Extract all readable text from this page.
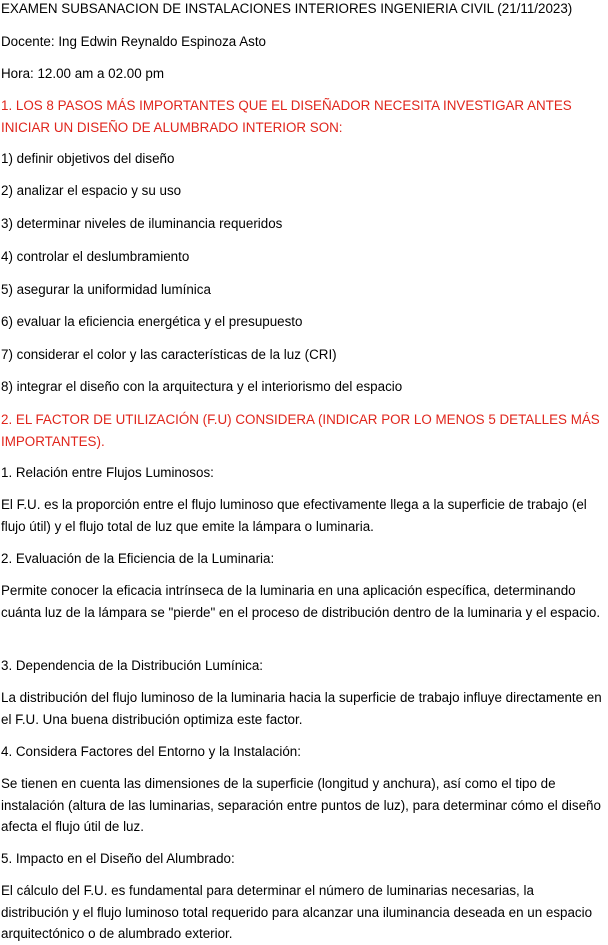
EXAMEN SUBSANACION DE INSTALACIONES INTERIORES INGENIERIA CIVIL (21/11/2023)
Docente: Ing Edwin Reynaldo Espinoza Asto
Hora: 12.00 am a 02.00 pm
1. LOS 8 PASOS MÁS IMPORTANTES QUE EL DISEÑADOR NECESITA INVESTIGAR ANTES INICIAR UN DISEÑO DE ALUMBRADO INTERIOR SON:
1) definir objetivos del diseño
2) analizar el espacio y su uso
3) determinar niveles de iluminancia requeridos
4) controlar el deslumbramiento
5) asegurar la uniformidad lumínica
6) evaluar la eficiencia energética y el presupuesto
7) considerar el color y las características de la luz (CRI)
8) integrar el diseño con la arquitectura y el interiorismo del espacio
2. EL FACTOR DE UTILIZACIÓN (F.U) CONSIDERA (INDICAR POR LO MENOS 5 DETALLES MÁS IMPORTANTES).
1. Relación entre Flujos Luminosos:
El F.U. es la proporción entre el flujo luminoso que efectivamente llega a la superficie de trabajo (el flujo útil) y el flujo total de luz que emite la lámpara o luminaria.
2. Evaluación de la Eficiencia de la Luminaria:
Permite conocer la eficacia intrínseca de la luminaria en una aplicación específica, determinando cuánta luz de la lámpara se "pierde" en el proceso de distribución dentro de la luminaria y el espacio.
3. Dependencia de la Distribución Lumínica:
La distribución del flujo luminoso de la luminaria hacia la superficie de trabajo influye directamente en el F.U. Una buena distribución optimiza este factor.
4. Considera Factores del Entorno y la Instalación:
Se tienen en cuenta las dimensiones de la superficie (longitud y anchura), así como el tipo de instalación (altura de las luminarias, separación entre puntos de luz), para determinar cómo el diseño afecta el flujo útil de luz.
5. Impacto en el Diseño del Alumbrado:
El cálculo del F.U. es fundamental para determinar el número de luminarias necesarias, la distribución y el flujo luminoso total requerido para alcanzar una iluminancia deseada en un espacio arquitectónico o de alumbrado exterior.
